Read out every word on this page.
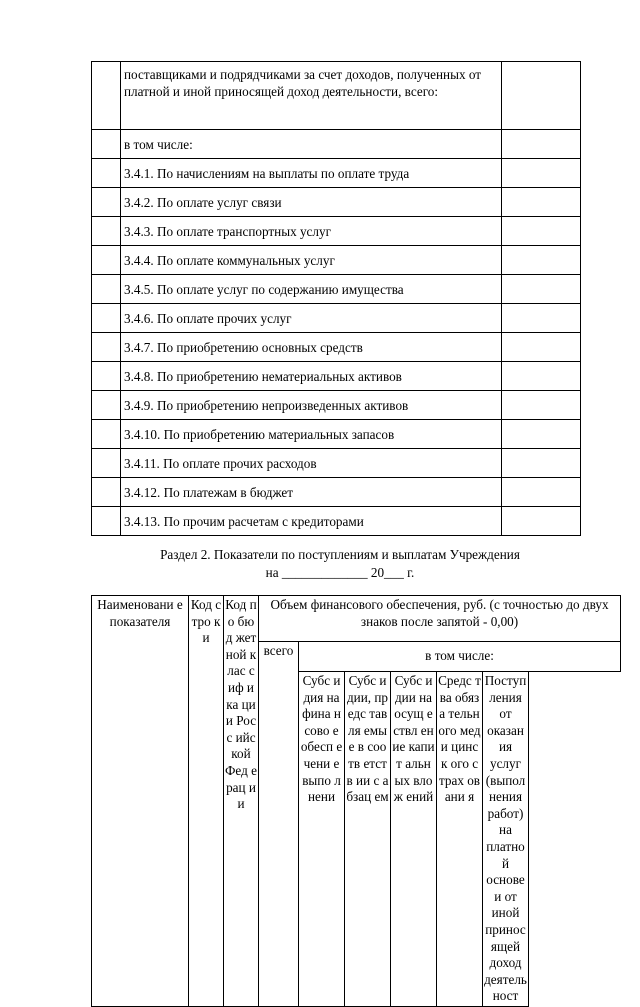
	поставщиками и подрядчиками за счет доходов, полученных от платной и иной приносящей доход деятельности, всего:	
	в том числе:	
	3.4.1. По начислениям на выплаты по оплате труда	
	3.4.2. По оплате услуг связи	
	3.4.3. По оплате транспортных услуг	
	3.4.4. По оплате коммунальных услуг	
	3.4.5. По оплате услуг по содержанию имущества	
	3.4.6. По оплате прочих услуг	
	3.4.7. По приобретению основных средств	
	3.4.8. По приобретению нематериальных активов	
	3.4.9. По приобретению непроизведенных активов	
	3.4.10. По приобретению материальных запасов	
	3.4.11. По оплате прочих расходов	
	3.4.12. По платежам в бюджет	
	3.4.13. По прочим расчетам с кредиторами	
Раздел 2. Показатели по поступлениям и выплатам Учреждения
на _____________ 20___ г.
Наименовани е показателя	Код стро ки	Код по бюд жет ной клас сиф ика ции Росс ийс кой Фед ерац ии	Объем финансового обеспечения, руб. (с точностью до двух знаков после запятой - 0,00)					
			всего	в том числе:				
				Субс идия на фина нсово е обесп ечени е выпо лнени	Субс идии, предс тавля емые в соотв етств ии с абзац ем	Субс идии на осущ ествл ение капит альн ых влож ений	Средс тва обяза тельн ого меди цинск ого страх овани я	Поступления от оказания услуг (выполнения работ) на платной основе и от иной приносящей доход деятельност
